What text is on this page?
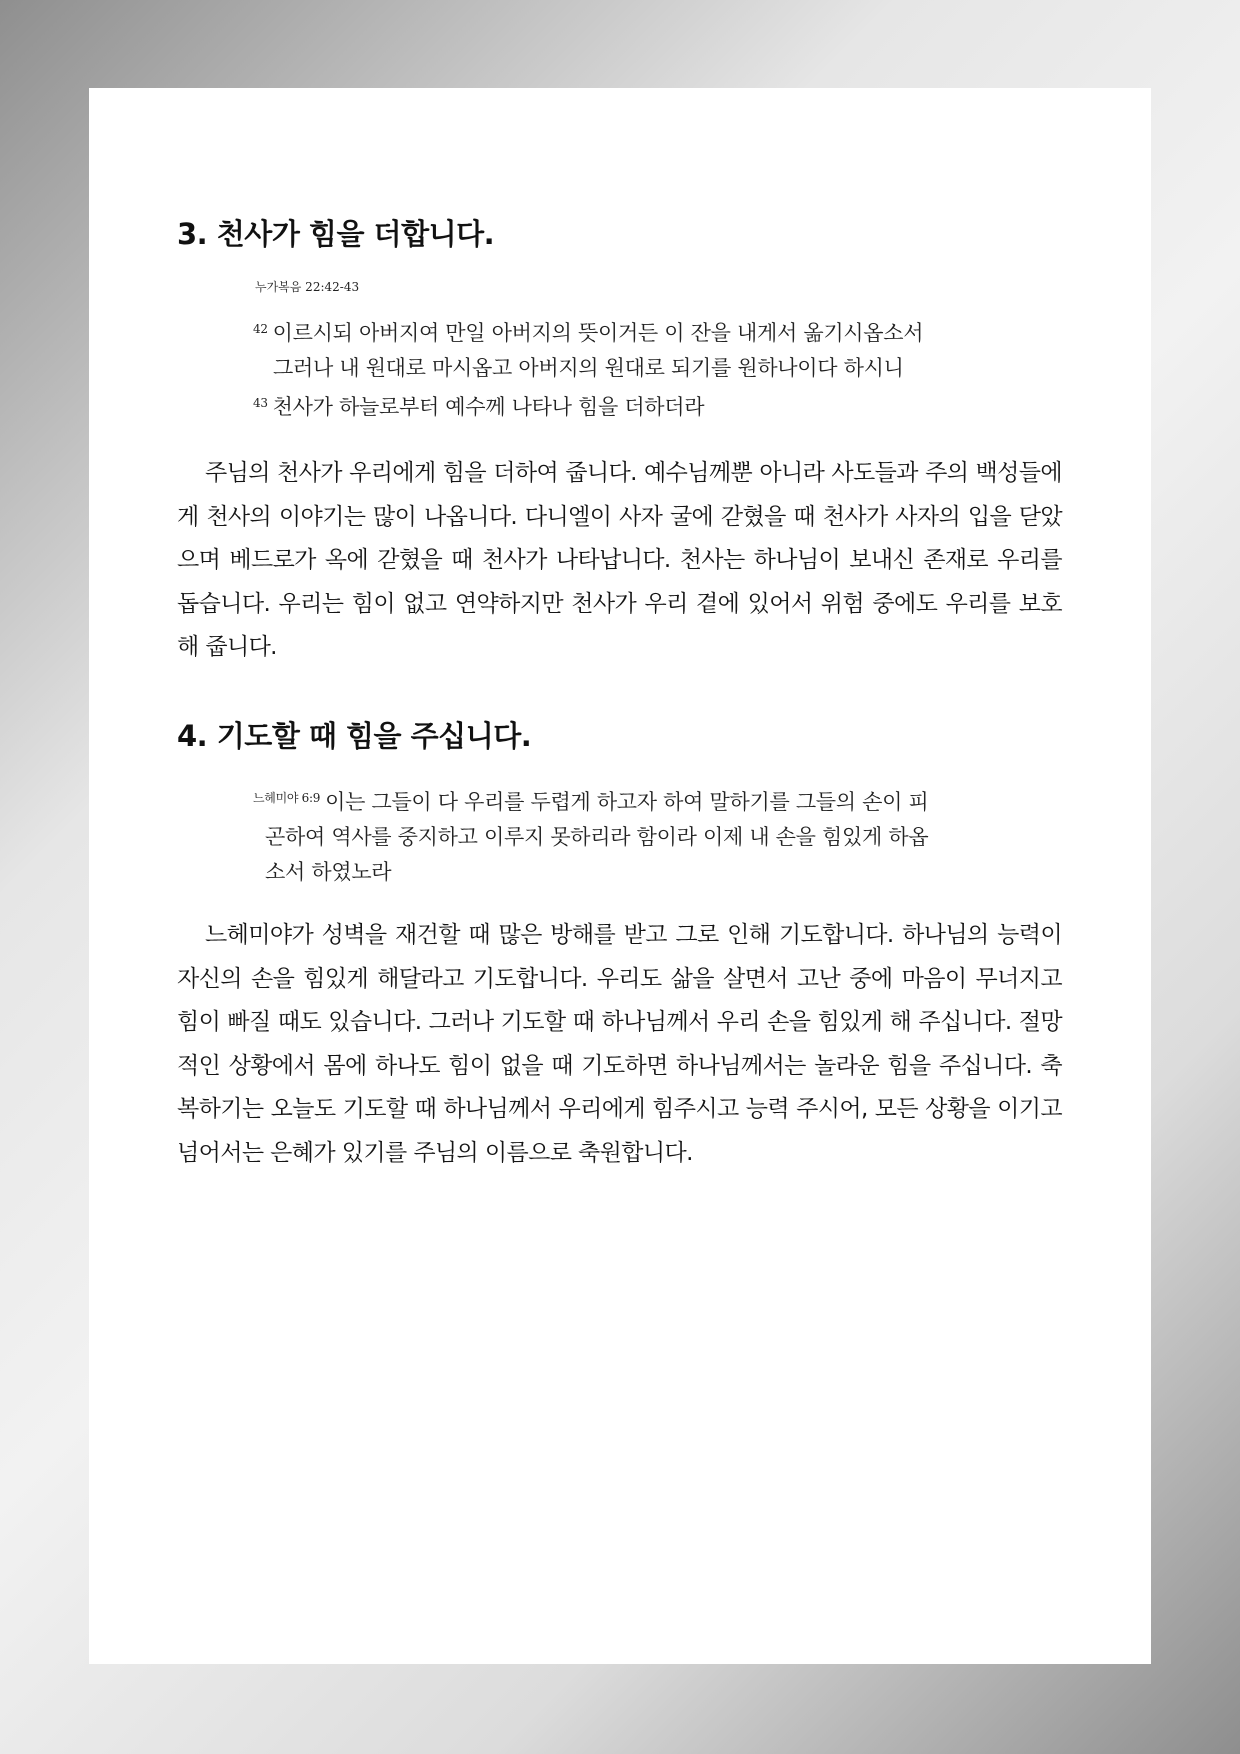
3. 천사가 힘을 더합니다.
누가복음 22:42-43

$^{42}$ 이르시되 아버지여 만일 아버지의 뜻이거든 이 잔을 내게서 옮기시옵소서

그러나 내 원대로 마시옵고 아버지의 원대로 되기를 원하나이다 하시니

$^{43}$ 천사가 하늘로부터 예수께 나타나 힘을 더하더라

주님의 천사가 우리에게 힘을 더하여 줍니다. 예수님께뿐 아니라 사도들과 주의 백성들에게 천사의 이야기는 많이 나옵니다. 다니엘이 사자 굴에 갇혔을 때 천사가 사자의 입을 닫았으며 베드로가 옥에 갇혔을 때 천사가 나타납니다. 천사는 하나님이 보내신 존재로 우리를 돕습니다. 우리는 힘이 없고 연약하지만 천사가 우리 곁에 있어서 위험 중에도 우리를 보호해 줍니다.

4. 기도할 때 힘을 주십니다.

$^{느헤미야 6:9}$ 이는 그들이 다 우리를 두렵게 하고자 하여 말하기를 그들의 손이 피

곤하여 역사를 중지하고 이루지 못하리라 함이라 이제 내 손을 힘있게 하옵

소서 하였노라

느헤미야가 성벽을 재건할 때 많은 방해를 받고 그로 인해 기도합니다. 하나님의 능력이 자신의 손을 힘있게 해달라고 기도합니다. 우리도 삶을 살면서 고난 중에 마음이 무너지고 힘이 빠질 때도 있습니다. 그러나 기도할 때 하나님께서 우리 손을 힘있게 해 주십니다. 절망적인 상황에서 몸에 하나도 힘이 없을 때 기도하면 하나님께서는 놀라운 힘을 주십니다. 축복하기는 오늘도 기도할 때 하나님께서 우리에게 힘주시고 능력 주시어, 모든 상황을 이기고 넘어서는 은혜가 있기를 주님의 이름으로 축원합니다.
